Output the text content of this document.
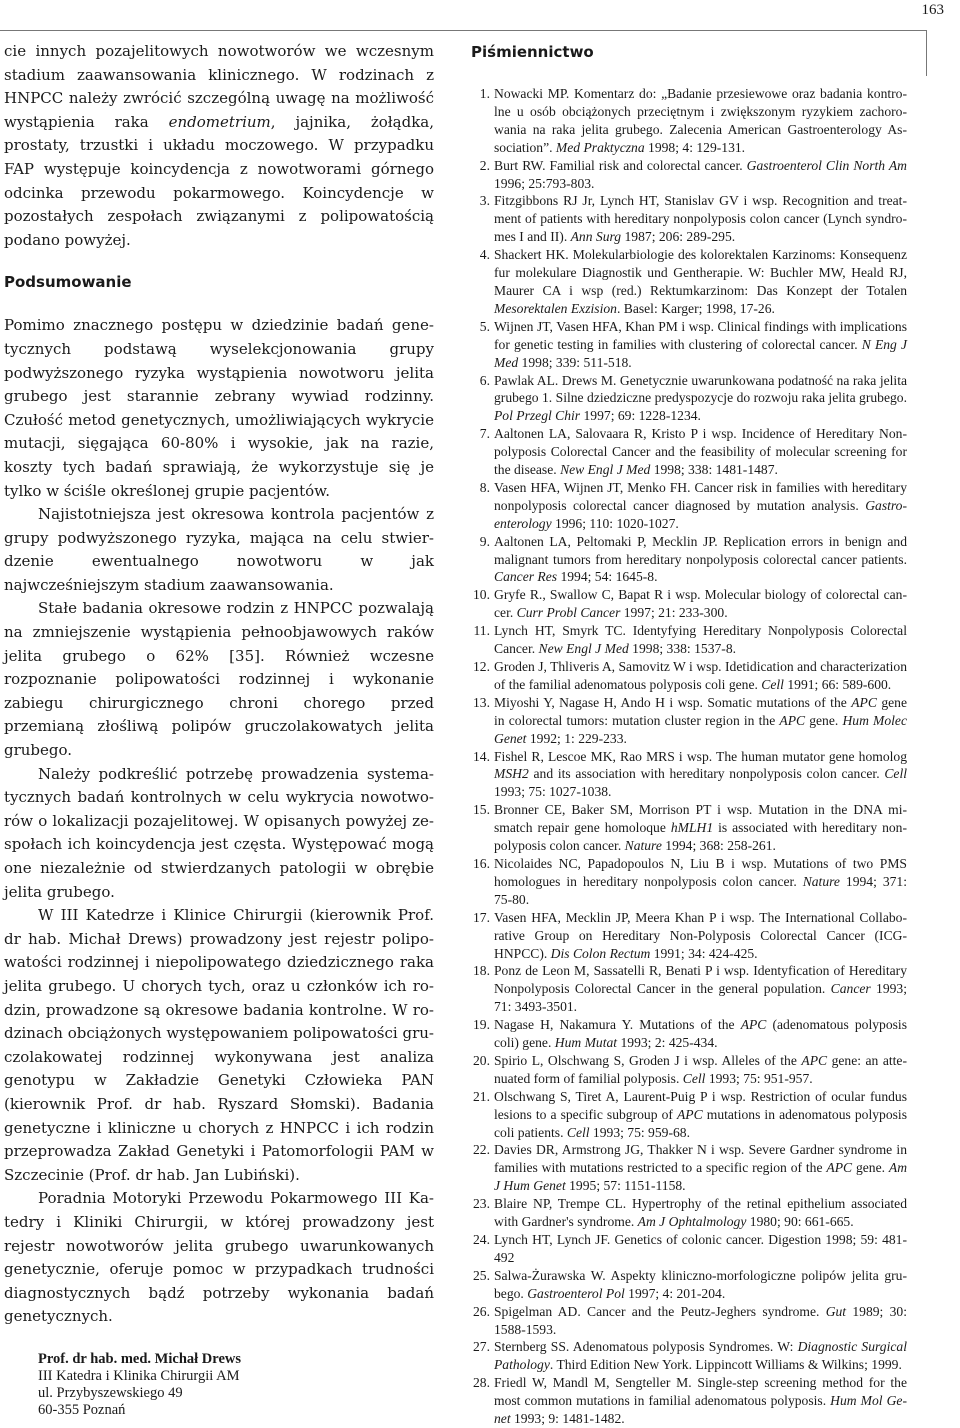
163

cie innych pozajelitowych nowotworów we wczesnym stadium zaawansowania klinicznego. W rodzinach z HNPCC należy zwrócić szczególną uwagę na możliwość wystąpienia raka endometrium, jajnika, żołądka, prostaty, trzustki i układu moczowego. W przypadku FAP występuje koincydencja z nowotworami górnego odcinka przewodu pokarmowego. Koincydencje w pozostałych zespołach związanymi z polipowatością podano powyżej.

Podsumowanie

Pomimo znacznego postępu w dziedzinie badań genetycznych podstawą wyselekcjonowania grupy podwyższonego ryzyka wystąpienia nowotworu jelita grubego jest starannie zebrany wywiad rodzinny. Czułość metod genetycznych, umożliwiających wykrycie mutacji, sięgająca 60-80% i wysokie, jak na razie, koszty tych badań sprawiają, że wykorzystuje się je tylko w ściśle określonej grupie pacjentów.

Najistotniejsza jest okresowa kontrola pacjentów z grupy podwyższonego ryzyka, mająca na celu stwierdzenie ewentualnego nowotworu w jak najwcześniejszym stadium zaawansowania.

Stałe badania okresowe rodzin z HNPCC pozwalają na zmniejszenie wystąpienia pełnoobjawowych raków jelita grubego o 62% [35]. Również wczesne rozpoznanie polipowatości rodzinnej i wykonanie zabiegu chirurgicznego chroni chorego przed przemianą złośliwą polipów gruczolakowatych jelita grubego.

Należy podkreślić potrzebę prowadzenia systematycznych badań kontrolnych w celu wykrycia nowotworów o lokalizacji pozajelitowej. W opisanych powyżej zespołach ich koincydencja jest częsta. Występować mogą one niezależnie od stwierdzanych patologii w obrębie jelita grubego.

W III Katedrze i Klinice Chirurgii (kierownik Prof. dr hab. Michał Drews) prowadzony jest rejestr polipowatości rodzinnej i niepolipowatego dziedzicznego raka jelita grubego. U chorych tych, oraz u członków ich rodzin, prowadzone są okresowe badania kontrolne. W rodzinach obciążonych występowaniem polipowatości gruczolakowatej rodzinnej wykonywana jest analiza genotypu w Zakładzie Genetyki Człowieka PAN (kierownik Prof. dr hab. Ryszard Słomski). Badania genetyczne i kliniczne u chorych z HNPCC i ich rodzin przeprowadza Zakład Genetyki i Patomorfologii PAM w Szczecinie (Prof. dr hab. Jan Lubiński).

Poradnia Motoryki Przewodu Pokarmowego III Katedry i Kliniki Chirurgii, w której prowadzony jest rejestr nowotworów jelita grubego uwarunkowanych genetycznie, oferuje pomoc w przypadkach trudności diagnostycznych bądź potrzeby wykonania badań genetycznych.

Prof. dr hab. med. Michał Drews
III Katedra i Klinika Chirurgii AM
ul. Przybyszewskiego 49
60-355 Poznań
Piśmiennictwo
1. Nowacki MP. Komentarz do: „Badanie przesiewowe oraz badania kontrolne u osób obciążonych przeciętnym i zwiększonym ryzykiem zachorowania na raka jelita grubego. Zalecenia American Gastroenterology Association”. Med Praktyczna 1998; 4: 129-131.
2. Burt RW. Familial risk and colorectal cancer. Gastroenterol Clin North Am 1996; 25:793-803.
3. Fitzgibbons RJ Jr, Lynch HT, Stanislav GV i wsp. Recognition and treatment of patients with hereditary nonpolyposis colon cancer (Lynch syndromes I and II). Ann Surg 1987; 206: 289-295.
4. Shackert HK. Molekularbiologie des kolorektalen Karzinoms: Konsequenz fur molekulare Diagnostik und Gentherapie. W: Buchler MW, Heald RJ, Maurer CA i wsp (red.) Rektumkarzinom: Das Konzept der Totalen Mesorektalen Exzision. Basel: Karger; 1998, 17-26.
5. Wijnen JT, Vasen HFA, Khan PM i wsp. Clinical findings with implications for genetic testing in families with clustering of colorectal cancer. N Eng J Med 1998; 339: 511-518.
6. Pawlak AL. Drews M. Genetycznie uwarunkowana podatność na raka jelita grubego 1. Silne dziedziczne predyspozycje do rozwoju raka jelita grubego. Pol Przegl Chir 1997; 69: 1228-1234.
7. Aaltonen LA, Salovaara R, Kristo P i wsp. Incidence of Hereditary Nonpolyposis Colorectal Cancer and the feasibility of molecular screening for the disease. New Engl J Med 1998; 338: 1481-1487.
8. Vasen HFA, Wijnen JT, Menko FH. Cancer risk in families with hereditary nonpolyposis colorectal cancer diagnosed by mutation analysis. Gastroenterology 1996; 110: 1020-1027.
9. Aaltonen LA, Peltomaki P, Mecklin JP. Replication errors in benign and malignant tumors from hereditary nonpolyposis colorectal cancer patients. Cancer Res 1994; 54: 1645-8.
10. Gryfe R., Swallow C, Bapat R i wsp. Molecular biology of colorectal cancer. Curr Probl Cancer 1997; 21: 233-300.
11. Lynch HT, Smyrk TC. Identyfying Hereditary Nonpolyposis Colorectal Cancer. New Engl J Med 1998; 338: 1537-8.
12. Groden J, Thliveris A, Samovitz W i wsp. Idetidication and characterization of the familial adenomatous polyposis coli gene. Cell 1991; 66: 589-600.
13. Miyoshi Y, Nagase H, Ando H i wsp. Somatic mutations of the APC gene in colorectal tumors: mutation cluster region in the APC gene. Hum Molec Genet 1992; 1: 229-233.
14. Fishel R, Lescoe MK, Rao MRS i wsp. The human mutator gene homolog MSH2 and its association with hereditary nonpolyposis colon cancer. Cell 1993; 75: 1027-1038.
15. Bronner CE, Baker SM, Morrison PT i wsp. Mutation in the DNA mismatch repair gene homoloque hMLH1 is associated with hereditary non-polyposis colon cancer. Nature 1994; 368: 258-261.
16. Nicolaides NC, Papadopoulos N, Liu B i wsp. Mutations of two PMS homologues in hereditary nonpolyposis colon cancer. Nature 1994; 371: 75-80.
17. Vasen HFA, Mecklin JP, Meera Khan P i wsp. The International Collaborative Group on Hereditary Non-Polyposis Colorectal Cancer (ICG-HNPCC). Dis Colon Rectum 1991; 34: 424-425.
18. Ponz de Leon M, Sassatelli R, Benati P i wsp. Identyfication of Hereditary Nonpolyposis Colorectal Cancer in the general population. Cancer 1993; 71: 3493-3501.
19. Nagase H, Nakamura Y. Mutations of the APC (adenomatous polyposis coli) gene. Hum Mutat 1993; 2: 425-434.
20. Spirio L, Olschwang S, Groden J i wsp. Alleles of the APC gene: an attenuated form of familial polyposis. Cell 1993; 75: 951-957.
21. Olschwang S, Tiret A, Laurent-Puig P i wsp. Restriction of ocular fundus lesions to a specific subgroup of APC mutations in adenomatous polyposis coli patients. Cell 1993; 75: 959-68.
22. Davies DR, Armstrong JG, Thakker N i wsp. Severe Gardner syndrome in families with mutations restricted to a specific region of the APC gene. Am J Hum Genet 1995; 57: 1151-1158.
23. Blaire NP, Trempe CL. Hypertrophy of the retinal epithelium associated with Gardner's syndrome. Am J Ophtalmology 1980; 90: 661-665.
24. Lynch HT, Lynch JF. Genetics of colonic cancer. Digestion 1998; 59: 481-492
25. Salwa-Żurawska W. Aspekty kliniczno-morfologiczne polipów jelita grubego. Gastroenterol Pol 1997; 4: 201-204.
26. Spigelman AD. Cancer and the Peutz-Jeghers syndrome. Gut 1989; 30: 1588-1593.
27. Sternberg SS. Adenomatous polyposis Syndromes. W: Diagnostic Surgical Pathology. Third Edition New York. Lippincott Williams & Wilkins; 1999.
28. Friedl W, Mandl M, Sengteller M. Single-step screening method for the most common mutations in familial adenomatous polyposis. Hum Mol Genet 1993; 9: 1481-1482.
